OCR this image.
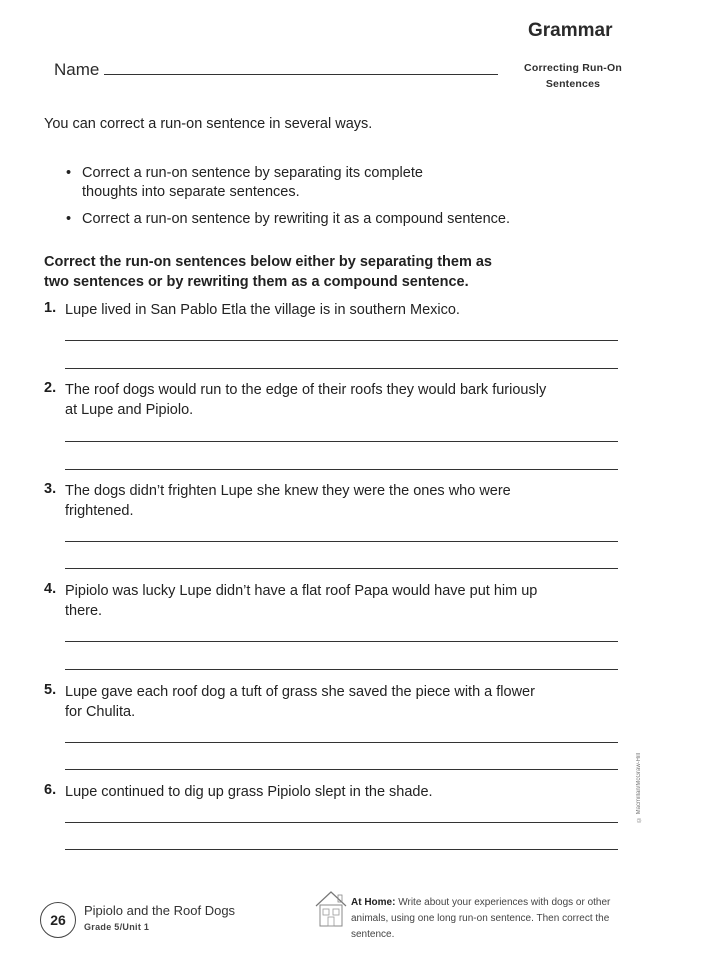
Grammar
Correcting Run-On
Sentences
Name
You can correct a run-on sentence in several ways.
• Correct a run-on sentence by separating its complete
thoughts into separate sentences.
• Correct a run-on sentence by rewriting it as a compound sentence.
Correct the run-on sentences below either by separating them as
two sentences or by rewriting them as a compound sentence.
1. Lupe lived in San Pablo Etla the village is in southern Mexico.
2. The roof dogs would run to the edge of their roofs they would bark furiously
at Lupe and Pipiolo.
3. The dogs didn’t frighten Lupe she knew they were the ones who were
frightened.
4. Pipiolo was lucky Lupe didn’t have a flat roof Papa would have put him up
there.
5. Lupe gave each roof dog a tuft of grass she saved the piece with a flower
for Chulita.
6. Lupe continued to dig up grass Pipiolo slept in the shade.	© Macmillan/McGraw-Hill
26
Pipiolo and the Roof Dogs
Grade 5/Unit 1
At Home: Write about your experiences with dogs or other
animals, using one long run-on sentence. Then correct the
sentence.
